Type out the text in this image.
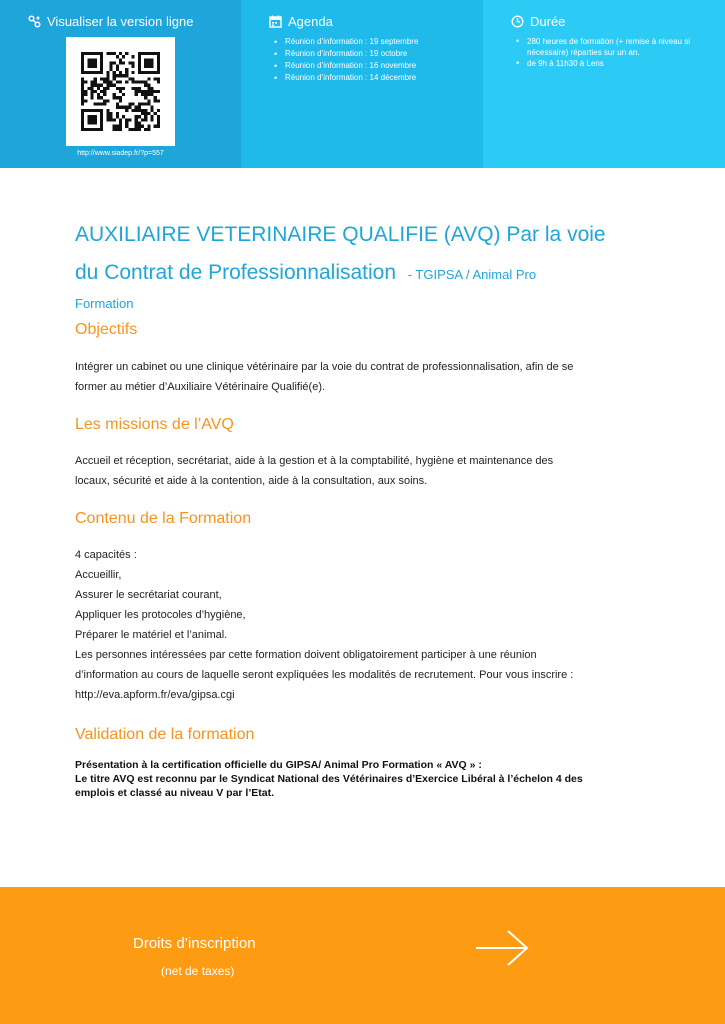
Visualiser la version ligne
http://www.siadep.fr/?p=557
Agenda
• Réunion d’information : 19 septembre
• Réunion d’information : 19 octobre
• Réunion d’information : 16 novembre
• Réunion d’information : 14 décembre
Durée
• 280 heures de formation (+ remise à niveau si nécessaire) réparties sur un an.
• de 9h à 11h30 à Lens
AUXILIAIRE VETERINAIRE QUALIFIE (AVQ) Par la voie
du Contrat de Professionnalisation - TGIPSA / Animal Pro
Formation
Objectifs

Intégrer un cabinet ou une clinique vétérinaire par la voie du contrat de professionnalisation, afin de se

former au métier d’Auxiliaire Vétérinaire Qualifié(e).

Les missions de l’AVQ

Accueil et réception, secrétariat, aide à la gestion et à la comptabilité, hygiène et maintenance des

locaux, sécurité et aide à la contention, aide à la consultation, aux soins.

Contenu de la Formation

4 capacités :

Accueillir,

Assurer le secrétariat courant,

Appliquer les protocoles d’hygiène,

Préparer le matériel et l’animal.

Les personnes intéressées par cette formation doivent obligatoirement participer à une réunion

d’information au cours de laquelle seront expliquées les modalités de recrutement. Pour vous inscrire :

http://eva.apform.fr/eva/gipsa.cgi

Validation de la formation
Présentation à la certification officielle du GIPSA/ Animal Pro Formation « AVQ » :
Le titre AVQ est reconnu par le Syndicat National des Vétérinaires d’Exercice Libéral à l’échelon 4 des
emplois et classé au niveau V par l’Etat.
Droits d’inscription
(net de taxes)
